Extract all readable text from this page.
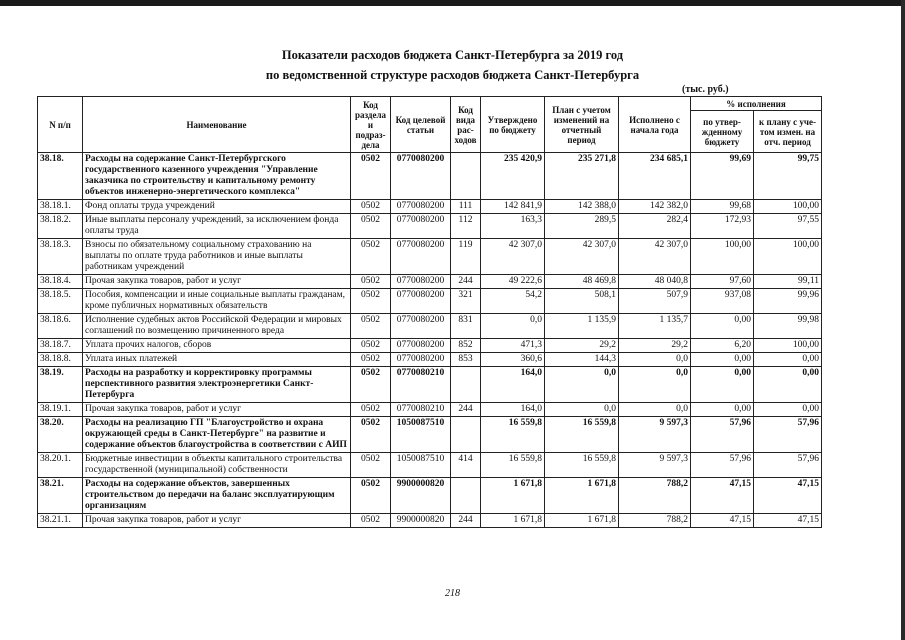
Показатели расходов бюджета Санкт-Петербурга за 2019 год
по ведомственной структуре расходов бюджета Санкт-Петербурга
(тыс. руб.)
N п/п	Наименование	Код раздела и подраз-дела	Код целевой статьи	Код вида рас-ходов	Утверждено по бюджету	План с учетом изменений на отчетный период	Исполнено с начала года	% исполнения	
								по утвер-жденному бюджету	к плану с уче-том измен. на отч. период
38.18.	Расходы на содержание Санкт-Петербургского государственного казенного учреждения "Управление заказчика по строительству и капитальному ремонту объектов инженерно-энергетического комплекса"	0502	0770080200		235 420,9	235 271,8	234 685,1	99,69	99,75
38.18.1.	Фонд оплаты труда учреждений	0502	0770080200	111	142 841,9	142 388,0	142 382,0	99,68	100,00
38.18.2.	Иные выплаты персоналу учреждений, за исключением фонда оплаты труда	0502	0770080200	112	163,3	289,5	282,4	172,93	97,55
38.18.3.	Взносы по обязательному социальному страхованию на выплаты по оплате труда работников и иные выплаты работникам учреждений	0502	0770080200	119	42 307,0	42 307,0	42 307,0	100,00	100,00
38.18.4.	Прочая закупка товаров, работ и услуг	0502	0770080200	244	49 222,6	48 469,8	48 040,8	97,60	99,11
38.18.5.	Пособия, компенсации и иные социальные выплаты гражданам, кроме публичных нормативных обязательств	0502	0770080200	321	54,2	508,1	507,9	937,08	99,96
38.18.6.	Исполнение судебных актов Российской Федерации и мировых соглашений по возмещению причиненного вреда	0502	0770080200	831	0,0	1 135,9	1 135,7	0,00	99,98
38.18.7.	Уплата прочих налогов, сборов	0502	0770080200	852	471,3	29,2	29,2	6,20	100,00
38.18.8.	Уплата иных платежей	0502	0770080200	853	360,6	144,3	0,0	0,00	0,00
38.19.	Расходы на разработку и корректировку программы перспективного развития электроэнергетики Санкт-Петербурга	0502	0770080210		164,0	0,0	0,0	0,00	0,00
38.19.1.	Прочая закупка товаров, работ и услуг	0502	0770080210	244	164,0	0,0	0,0	0,00	0,00
38.20.	Расходы на реализацию ГП "Благоустройство и охрана окружающей среды в Санкт-Петербурге" на развитие и содержание объектов благоустройства в соответствии с АИП	0502	1050087510		16 559,8	16 559,8	9 597,3	57,96	57,96
38.20.1.	Бюджетные инвестиции в объекты капитального строительства государственной (муниципальной) собственности	0502	1050087510	414	16 559,8	16 559,8	9 597,3	57,96	57,96
38.21.	Расходы на содержание объектов, завершенных строительством до передачи на баланс эксплуатирующим организациям	0502	9900000820		1 671,8	1 671,8	788,2	47,15	47,15
38.21.1.	Прочая закупка товаров, работ и услуг	0502	9900000820	244	1 671,8	1 671,8	788,2	47,15	47,15
218
